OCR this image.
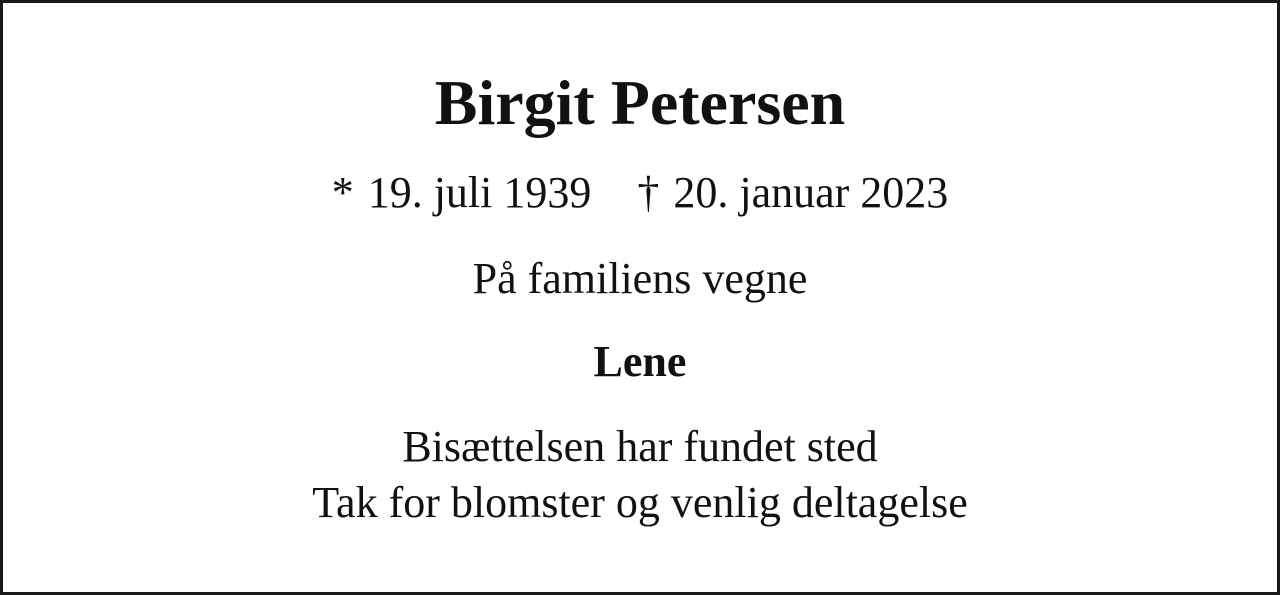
Birgit Petersen
* 19. juli 1939 † 20. januar 2023
På familiens vegne
Lene
Bisættelsen har fundet sted
Tak for blomster og venlig deltagelse
